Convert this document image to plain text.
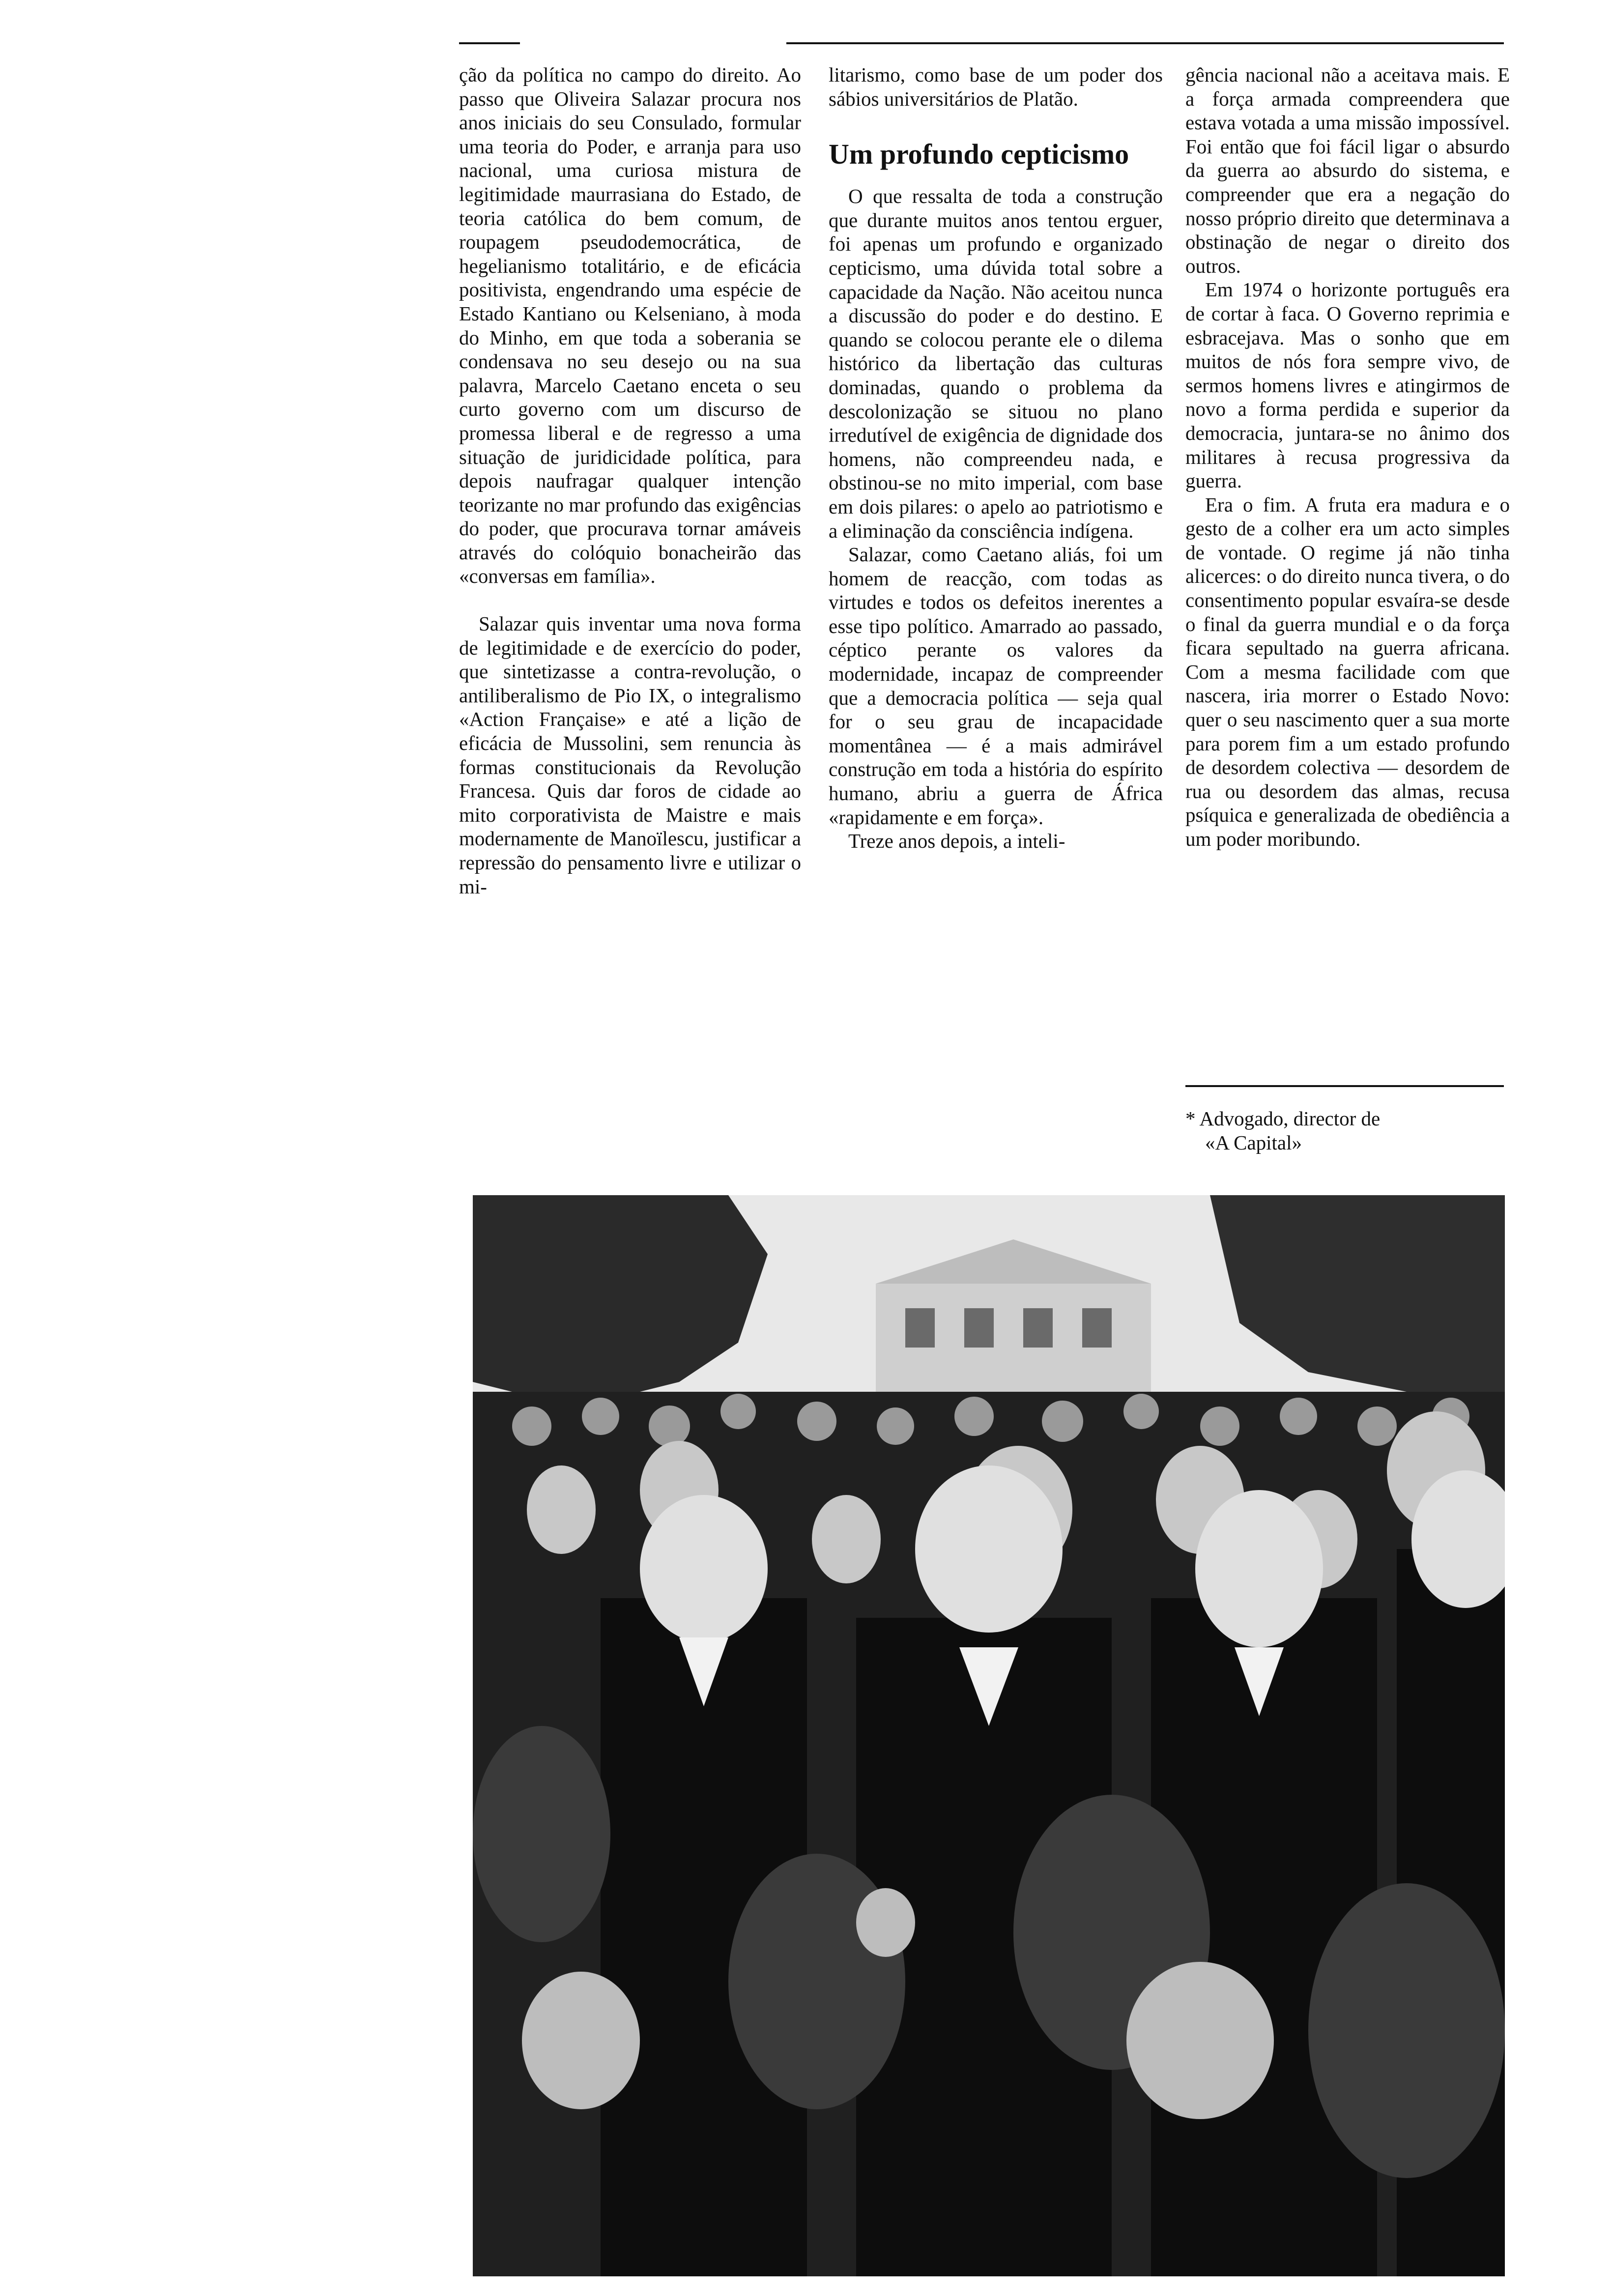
ção da política no campo do direito. Ao passo que Oliveira Salazar procura nos anos iniciais do seu Consulado, formular uma teoria do Poder, e arranja para uso nacional, uma curiosa mistura de legitimidade maurrasiana do Estado, de teoria católica do bem comum, de roupagem pseudodemocrática, de hegelianismo totalitário, e de eficácia positivista, engendrando uma espécie de Estado Kantiano ou Kelseniano, à moda do Minho, em que toda a soberania se condensava no seu desejo ou na sua palavra, Marcelo Caetano enceta o seu curto governo com um discurso de promessa liberal e de regresso a uma situação de juridicidade política, para depois naufragar qualquer intenção teorizante no mar profundo das exigências do poder, que procurava tornar amáveis através do colóquio bonacheirão das «conversas em família».

Salazar quis inventar uma nova forma de legitimidade e de exercício do poder, que sintetizasse a contra-revolução, o antiliberalismo de Pio IX, o integralismo «Action Française» e até a lição de eficácia de Mussolini, sem renuncia às formas constitucionais da Revolução Francesa. Quis dar foros de cidade ao mito corporativista de Maistre e mais modernamente de Manoïlescu, justificar a repressão do pensamento livre e utilizar o mi-

litarismo, como base de um poder dos sábios universitários de Platão.

Um profundo cepticismo

O que ressalta de toda a construção que durante muitos anos tentou erguer, foi apenas um profundo e organizado cepticismo, uma dúvida total sobre a capacidade da Nação. Não aceitou nunca a discussão do poder e do destino. E quando se colocou perante ele o dilema histórico da libertação das culturas dominadas, quando o problema da descolonização se situou no plano irredutível de exigência de dignidade dos homens, não compreendeu nada, e obstinou-se no mito imperial, com base em dois pilares: o apelo ao patriotismo e a eliminação da consciência indígena.

Salazar, como Caetano aliás, foi um homem de reacção, com todas as virtudes e todos os defeitos inerentes a esse tipo político. Amarrado ao passado, céptico perante os valores da modernidade, incapaz de compreender que a democracia política — seja qual for o seu grau de incapacidade momentânea — é a mais admirável construção em toda a história do espírito humano, abriu a guerra de África «rapidamente e em força».

Treze anos depois, a inteli-

gência nacional não a aceitava mais. E a força armada compreendera que estava votada a uma missão impossível. Foi então que foi fácil ligar o absurdo da guerra ao absurdo do sistema, e compreender que era a negação do nosso próprio direito que determinava a obstinação de negar o direito dos outros.

Em 1974 o horizonte português era de cortar à faca. O Governo reprimia e esbracejava. Mas o sonho que em muitos de nós fora sempre vivo, de sermos homens livres e atingirmos de novo a forma perdida e superior da democracia, juntara-se no ânimo dos militares à recusa progressiva da guerra.

Era o fim. A fruta era madura e o gesto de a colher era um acto simples de vontade. O regime já não tinha alicerces: o do direito nunca tivera, o do consentimento popular esvaíra-se desde o final da guerra mundial e o da força ficara sepultado na guerra africana. Com a mesma facilidade com que nascera, iria morrer o Estado Novo: quer o seu nascimento quer a sua morte para porem fim a um estado profundo de desordem colectiva — desordem de rua ou desordem das almas, recusa psíquica e generalizada de obediência a um poder moribundo.

* Advogado, director de
«A Capital»
